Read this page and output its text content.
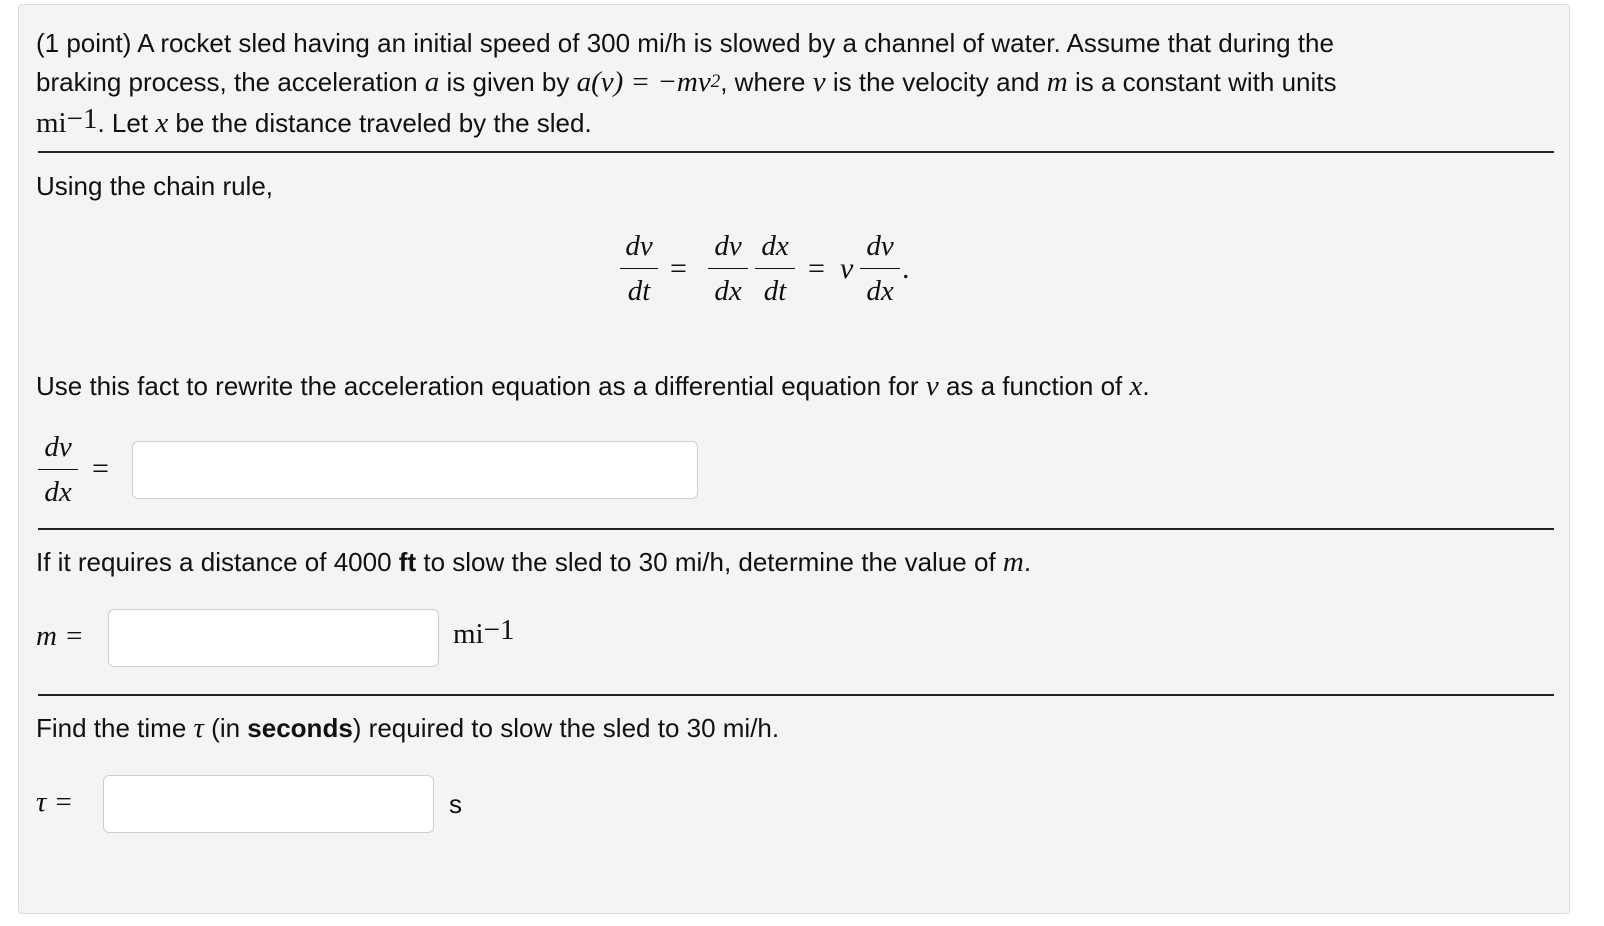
(1 point) A rocket sled having an initial speed of 300 mi/h is slowed by a channel of water. Assume that during the
braking process, the acceleration a is given by $a(v) = -mv^2$, where v is the velocity and m is a constant with units
$mi^{-1}$. Let x be the distance traveled by the sled.
Using the chain rule,
dv
dt
=
dv
dx
dx
dt
= v
dv
dx
.
Use this fact to rewrite the acceleration equation as a differential equation for v as a function of x.
dv
dx
=
If it requires a distance of 4000 ft to slow the sled to 30 mi/h, determine the value of m.
m =	$mi^{-1}$
Find the time τ (in seconds) required to slow the sled to 30 mi/h.
τ =	s
